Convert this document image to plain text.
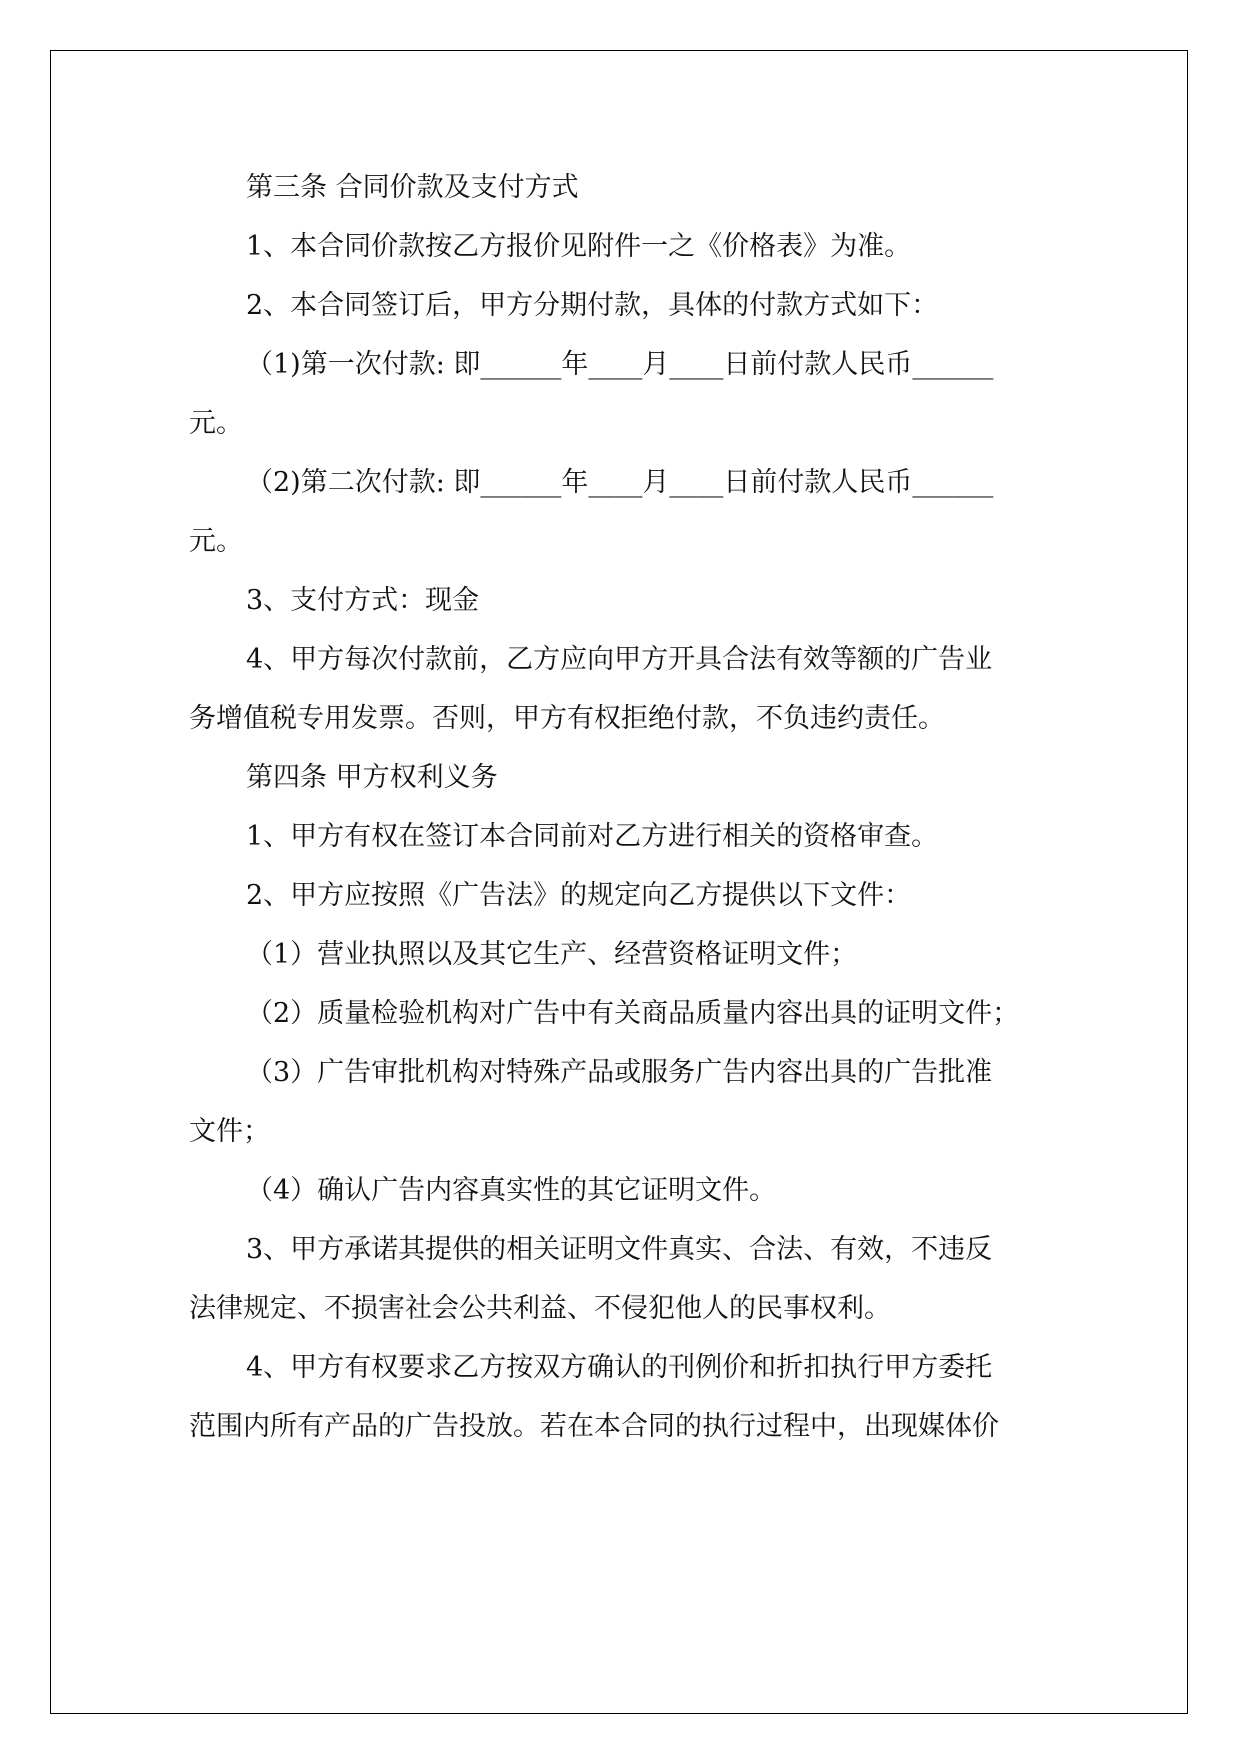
第三条 合同价款及支付方式
1、本合同价款按乙方报价见附件一之《价格表》为准。
2、本合同签订后，甲方分期付款，具体的付款方式如下：
（1)第一次付款: 即______年____月____日前付款人民币______
元。
（2)第二次付款: 即______年____月____日前付款人民币______
元。
3、支付方式：现金
4、甲方每次付款前，乙方应向甲方开具合法有效等额的广告业
务增值税专用发票。否则，甲方有权拒绝付款，不负违约责任。
第四条 甲方权利义务
1、甲方有权在签订本合同前对乙方进行相关的资格审查。
2、甲方应按照《广告法》的规定向乙方提供以下文件：
（1）营业执照以及其它生产、经营资格证明文件；
（2）质量检验机构对广告中有关商品质量内容出具的证明文件；
（3）广告审批机构对特殊产品或服务广告内容出具的广告批准
文件；
（4）确认广告内容真实性的其它证明文件。
3、甲方承诺其提供的相关证明文件真实、合法、有效，不违反
法律规定、不损害社会公共利益、不侵犯他人的民事权利。
4、甲方有权要求乙方按双方确认的刊例价和折扣执行甲方委托
范围内所有产品的广告投放。若在本合同的执行过程中，出现媒体价
